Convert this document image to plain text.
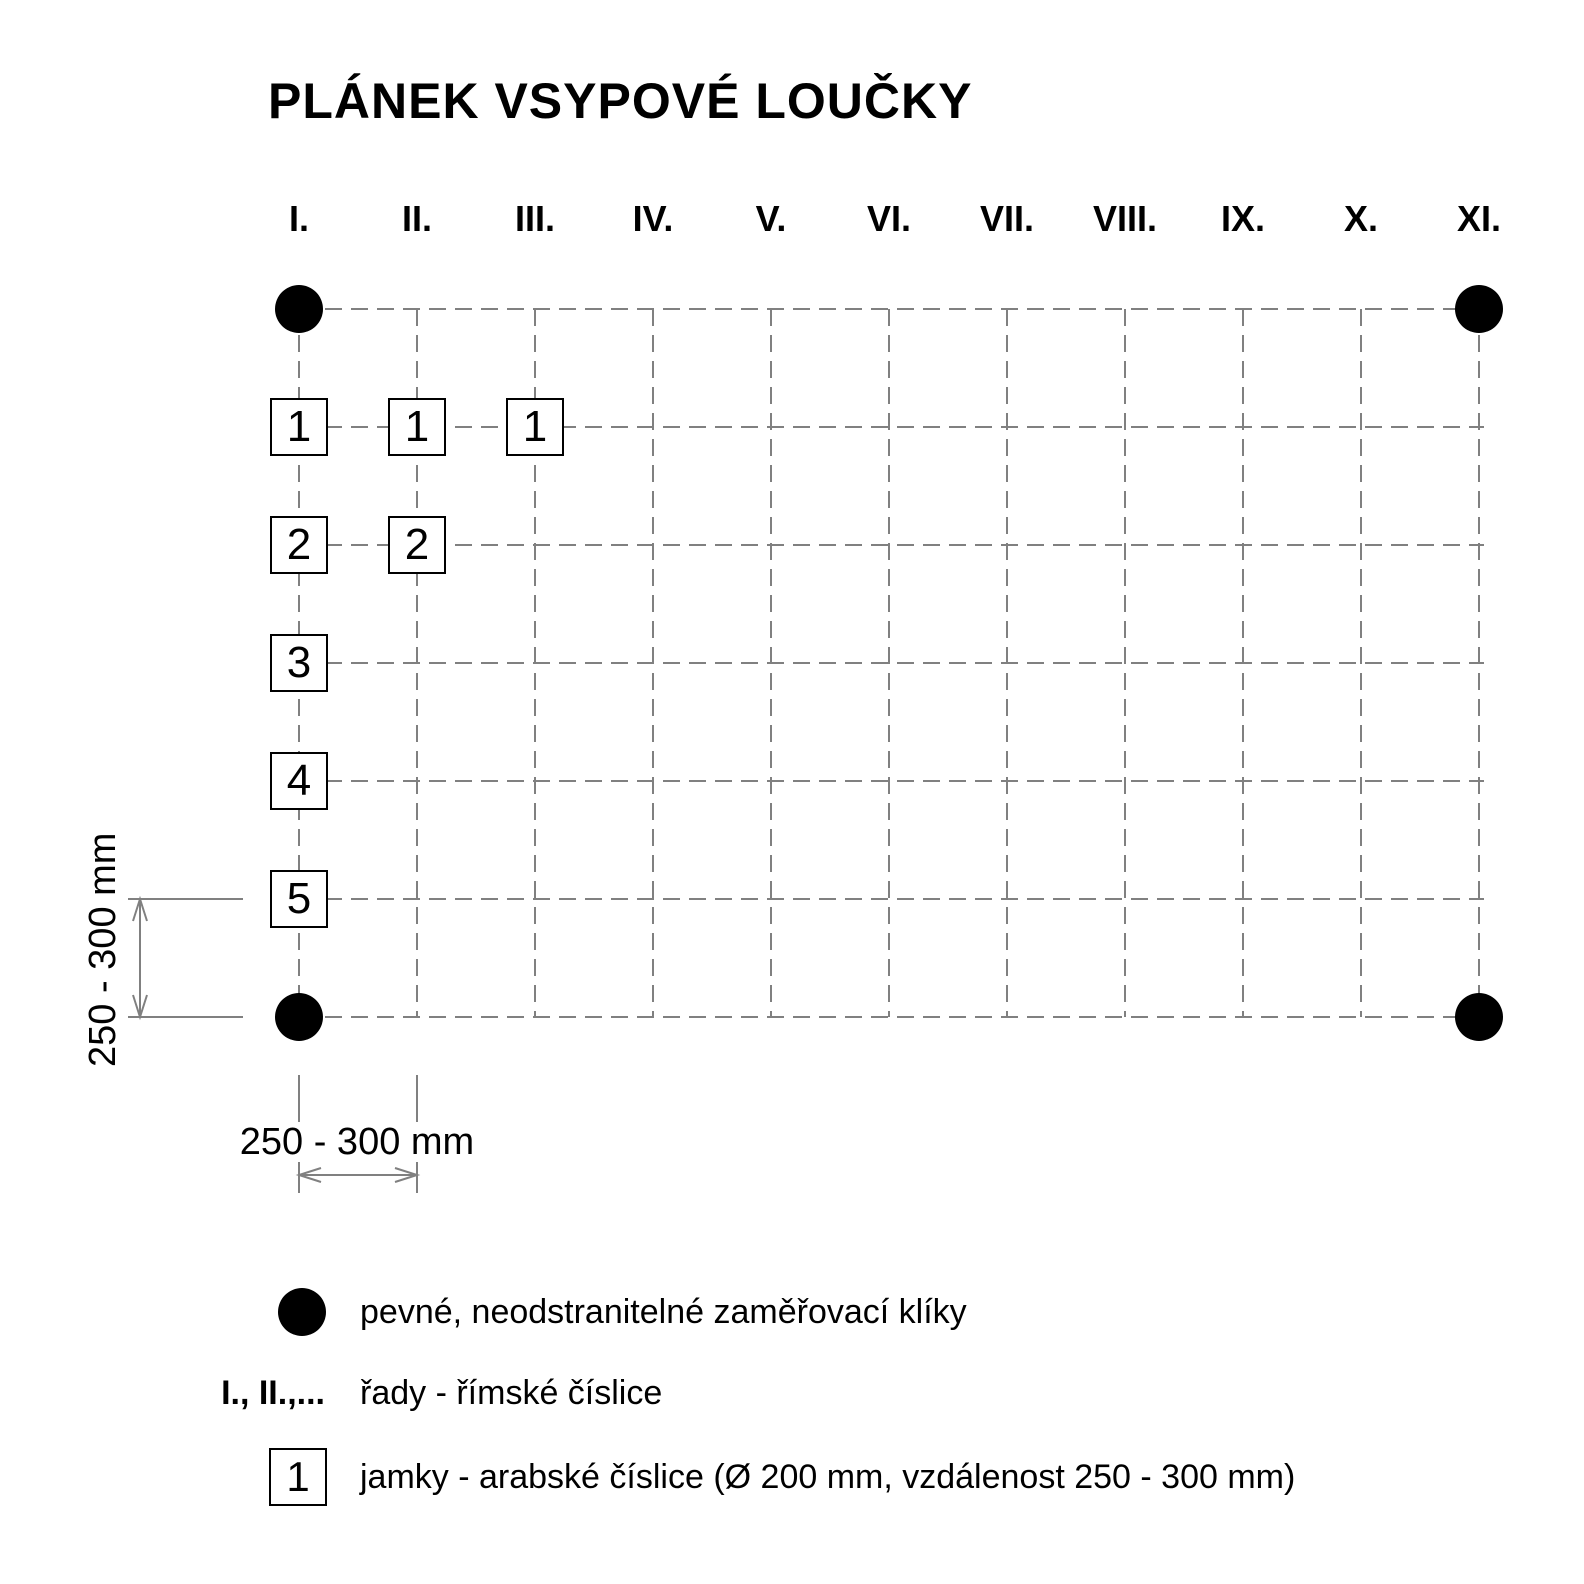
PLÁNEK VSYPOVÉ LOUČKY
I.	II.	III.	IV.	V.	VI.	VII.	VIII.	IX.	X.	XI.
1	1	1
2	2
3
4
5
250 - 300 mm
250 - 300 mm
pevné, neodstranitelné zaměřovací klíky
I., II.,... řady - římské číslice
1	jamky - arabské číslice (Ø 200 mm, vzdálenost 250 - 300 mm)
